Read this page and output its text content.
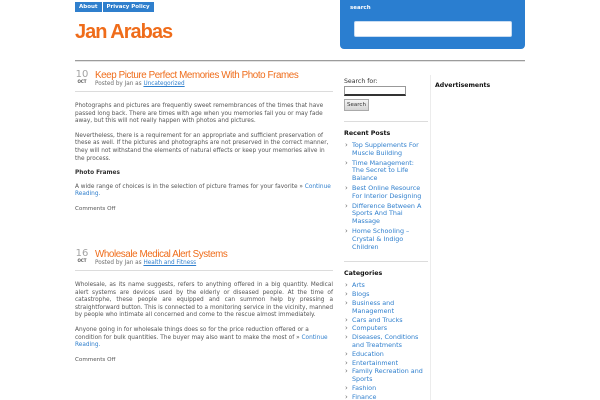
About	Privacy Policy
Jan Arabas
search
10
OCT
Keep Picture Perfect Memories With Photo Frames
Posted by Jan as Uncategorized

Photographs and pictures are frequently sweet remembrances of the times that have passed long back. There are times with age when you memories fail you or may fade away, but this will not really happen with photos and pictures.

Nevertheless, there is a requirement for an appropriate and sufficient preservation of these as well. If the pictures and photographs are not preserved in the correct manner, they will not withstand the elements of natural effects or keep your memories alive in the process.

Photo Frames

A wide range of choices is in the selection of picture frames for your favorite » Continue Reading.

Comments Off

16
OCT
Wholesale Medical Alert Systems
Posted by Jan as Health and Fitness

Wholesale, as its name suggests, refers to anything offered in a big quantity. Medical alert systems are devices used by the elderly or diseased people. At the time of catastrophe, these people are equipped and can summon help by pressing a straightforward button. This is connected to a monitoring service in the vicinity, manned by people who intimate all concerned and come to the rescue almost immediately.

Anyone going in for wholesale things does so for the price reduction offered or a condition for bulk quantities. The buyer may also want to make the most of » Continue Reading.

Comments Off

Search for:
Search
Recent Posts
› Top Supplements For Muscle Building
› Time Management: The Secret to Life Balance
› Best Online Resource For Interior Designing
› Difference Between A Sports And Thai Massage
› Home Schooling – Crystal & Indigo Children
Categories
› Arts
› Blogs
› Business and Management
› Cars and Trucks
› Computers
› Diseases, Conditions and Treatments
› Education
› Entertainment
› Family Recreation and Sports
› Fashion
› Finance
Advertisements
